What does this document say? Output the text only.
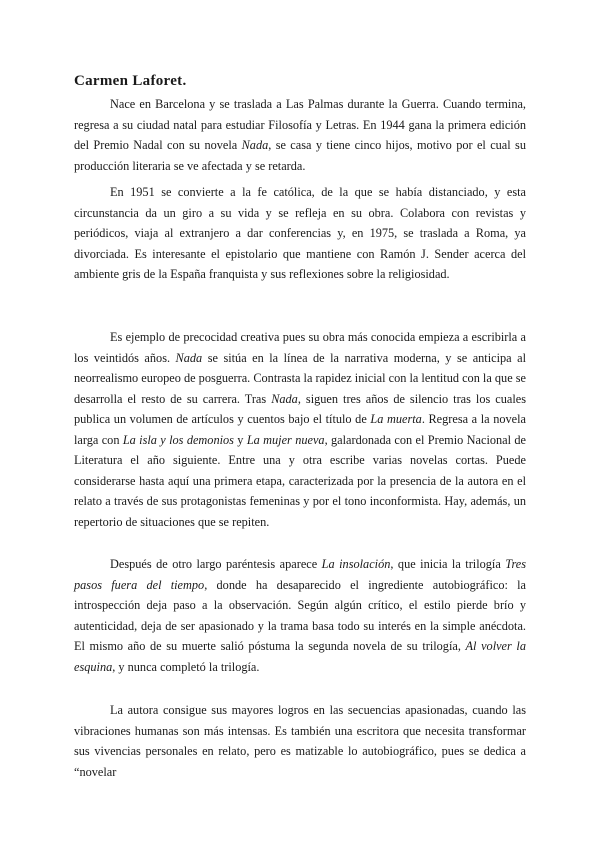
Carmen Laforet.

Nace en Barcelona y se traslada a Las Palmas durante la Guerra. Cuando termina, regresa a su ciudad natal para estudiar Filosofía y Letras. En 1944 gana la primera edición del Premio Nadal con su novela Nada, se casa y tiene cinco hijos, motivo por el cual su producción literaria se ve afectada y se retarda.

En 1951 se convierte a la fe católica, de la que se había distanciado, y esta circunstancia da un giro a su vida y se refleja en su obra. Colabora con revistas y periódicos, viaja al extranjero a dar conferencias y, en 1975, se traslada a Roma, ya divorciada. Es interesante el epistolario que mantiene con Ramón J. Sender acerca del ambiente gris de la España franquista y sus reflexiones sobre la religiosidad.

Es ejemplo de precocidad creativa pues su obra más conocida empieza a escribirla a los veintidós años. Nada se sitúa en la línea de la narrativa moderna, y se anticipa al neorrealismo europeo de posguerra. Contrasta la rapidez inicial con la lentitud con la que se desarrolla el resto de su carrera. Tras Nada, siguen tres años de silencio tras los cuales publica un volumen de artículos y cuentos bajo el título de La muerta. Regresa a la novela larga con La isla y los demonios y La mujer nueva, galardonada con el Premio Nacional de Literatura el año siguiente. Entre una y otra escribe varias novelas cortas. Puede considerarse hasta aquí una primera etapa, caracterizada por la presencia de la autora en el relato a través de sus protagonistas femeninas y por el tono inconformista. Hay, además, un repertorio de situaciones que se repiten.

Después de otro largo paréntesis aparece La insolación, que inicia la trilogía Tres pasos fuera del tiempo, donde ha desaparecido el ingrediente autobiográfico: la introspección deja paso a la observación. Según algún crítico, el estilo pierde brío y autenticidad, deja de ser apasionado y la trama basa todo su interés en la simple anécdota. El mismo año de su muerte salió póstuma la segunda novela de su trilogía, Al volver la esquina, y nunca completó la trilogía.

La autora consigue sus mayores logros en las secuencias apasionadas, cuando las vibraciones humanas son más intensas. Es también una escritora que necesita transformar sus vivencias personales en relato, pero es matizable lo autobiográfico, pues se dedica a “novelar
